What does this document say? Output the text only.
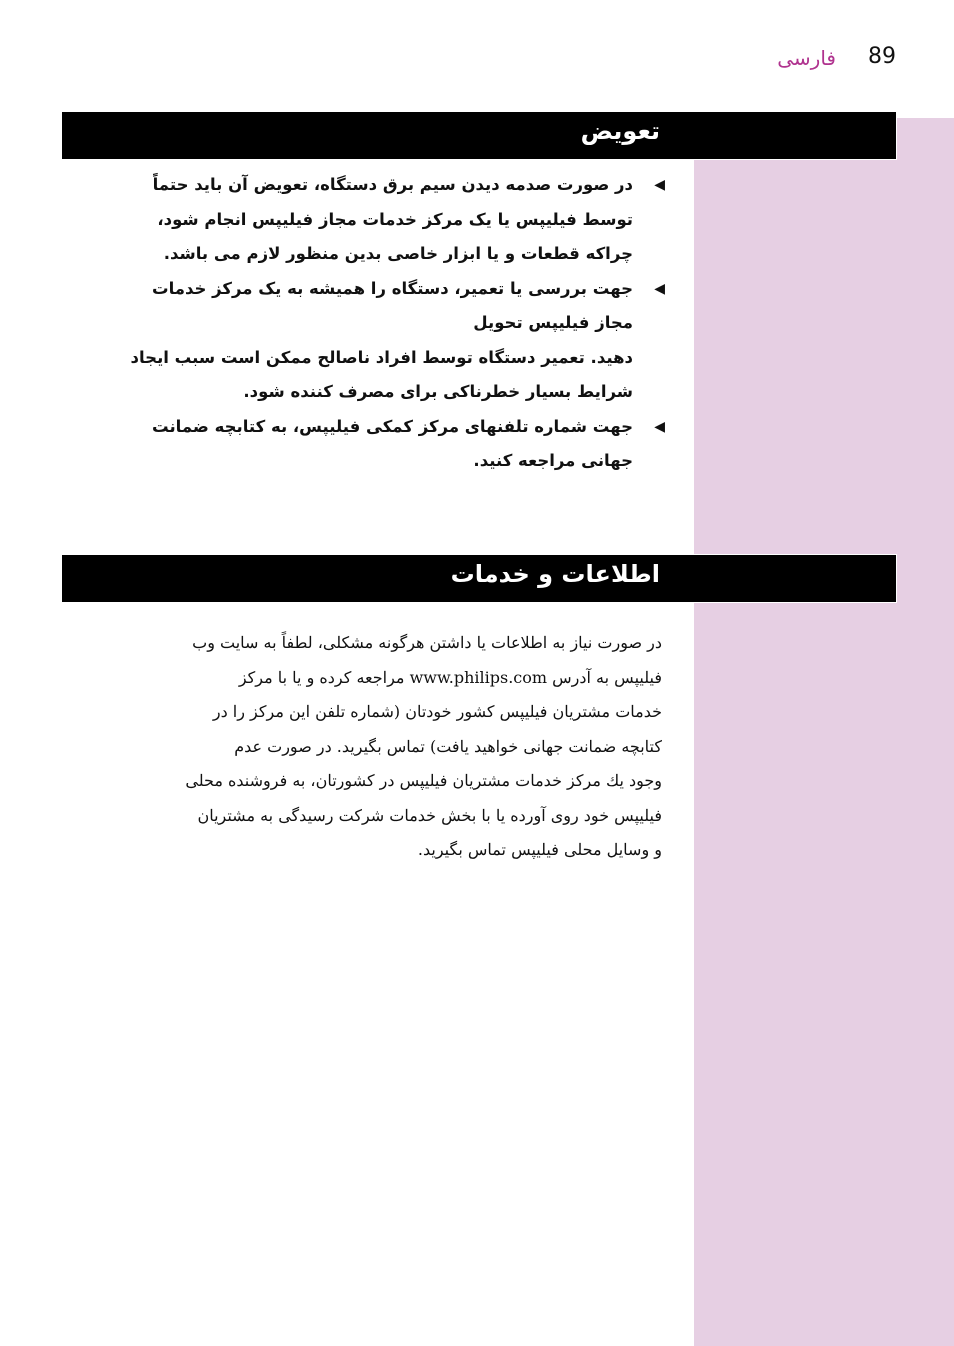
89
فارسی
تعویض
◀
در صورت صدمه دیدن سیم برق دستگاه، تعویض آن باید حتماً
توسط فیلیپس یا یک مرکز خدمات مجاز فیلیپس انجام شود،
چراکه قطعات و یا ابزار خاصی بدین منظور لازم می باشد.
◀
جهت بررسی یا تعمیر، دستگاه را همیشه به یک مرکز خدمات
مجاز فیلیپس تحویل
دهید. تعمیر دستگاه توسط افراد ناصالح ممکن است سبب ایجاد
شرایط بسیار خطرناکی برای مصرف کننده شود.
◀
جهت شماره تلفنهای مرکز کمکی فیلیپس، به کتابچه ضمانت
جهانی مراجعه کنید.
اطلاعات و خدمات

در صورت نیاز به اطلاعات یا داشتن هرگونه مشکلی، لطفاً به سایت وب
فیلیپس به آدرس www.philips.com مراجعه کرده و یا با مرکز
خدمات مشتریان فیلیپس کشور خودتان (شماره تلفن این مرکز را در
کتابچه ضمانت جهانی خواهید یافت) تماس بگیرید. در صورت عدم
وجود یك مرکز خدمات مشتریان فیلیپس در کشورتان، به فروشنده محلی
فیلیپس خود روی آورده یا با بخش خدمات شرکت رسیدگی به مشتریان
و وسایل محلی فیلیپس تماس بگیرید.
